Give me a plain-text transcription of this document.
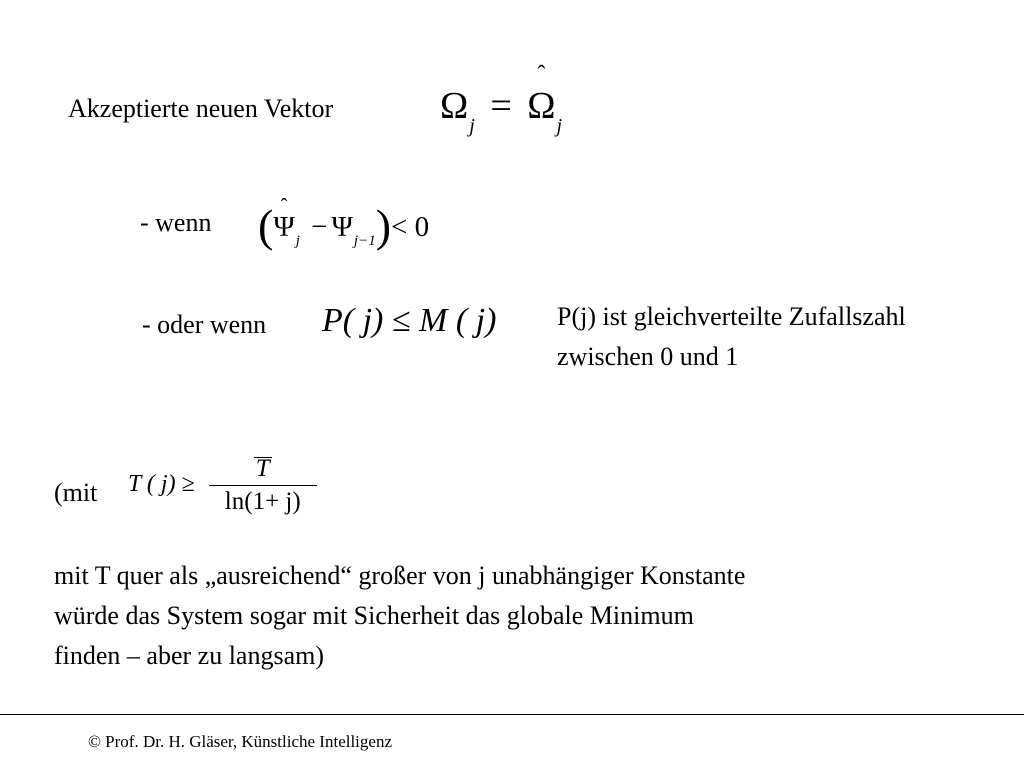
Akzeptierte neuen Vektor	$\Omega_j$ =
ˆ
$\Omega_j$
- wenn ( ˆ
$\Psi_j - \Psi_{j-1})< 0$
- oder wenn P( j) ≤ M ( j) P(j) ist gleichverteilte Zufallszahl
zwischen 0 und 1
(mit T ( $j) \ge \frac{T}{\ln(1+ j)}$
mit T quer als „ausreichend“ großer von j unabhängiger Konstante
würde das System sogar mit Sicherheit das globale Minimum
finden – aber zu langsam)
© Prof. Dr. H. Gläser, Künstliche Intelligenz
